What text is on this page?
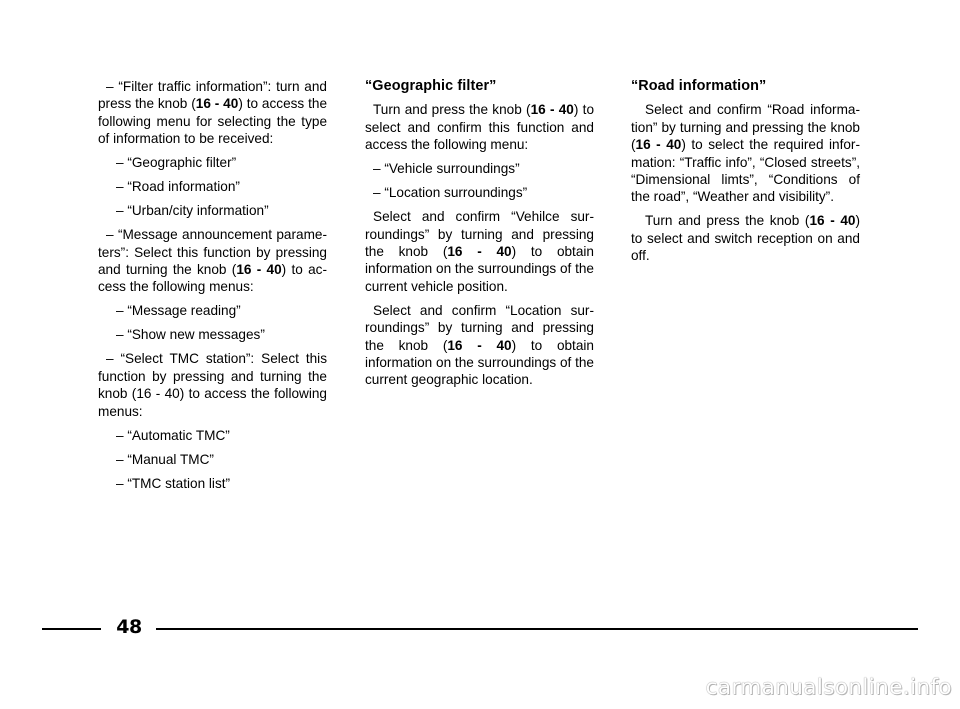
– “Filter traffic information”: turn and press the knob (16 - 40) to access the following menu for selecting the type of information to be received:

– “Geographic filter”

– “Road information”

– “Urban/city information”

– “Message announcement parameters”: Select this function by pressing and turning the knob (16 - 40) to access the following menus:

– “Message reading”

– “Show new messages”

– “Select TMC station”: Select this function by pressing and turning the knob (16 - 40) to access the following menus:

– “Automatic TMC”

– “Manual TMC”

– “TMC station list”

“Geographic filter”

Turn and press the knob (16 - 40) to select and confirm this function and access the following menu:

– “Vehicle surroundings”

– “Location surroundings”

Select and confirm “Vehilce surroundings” by turning and pressing the knob (16 - 40) to obtain information on the surroundings of the current vehicle position.

Select and confirm “Location surroundings” by turning and pressing the knob (16 - 40) to obtain information on the surroundings of the current geographic location.

“Road information”

Select and confirm “Road information” by turning and pressing the knob (16 - 40) to select the required information: “Traffic info”, “Closed streets”, “Dimensional limts”, “Conditions of the road”, “Weather and visibility”.

Turn and press the knob (16 - 40) to select and switch reception on and off.

48
carmanualsonline.info
